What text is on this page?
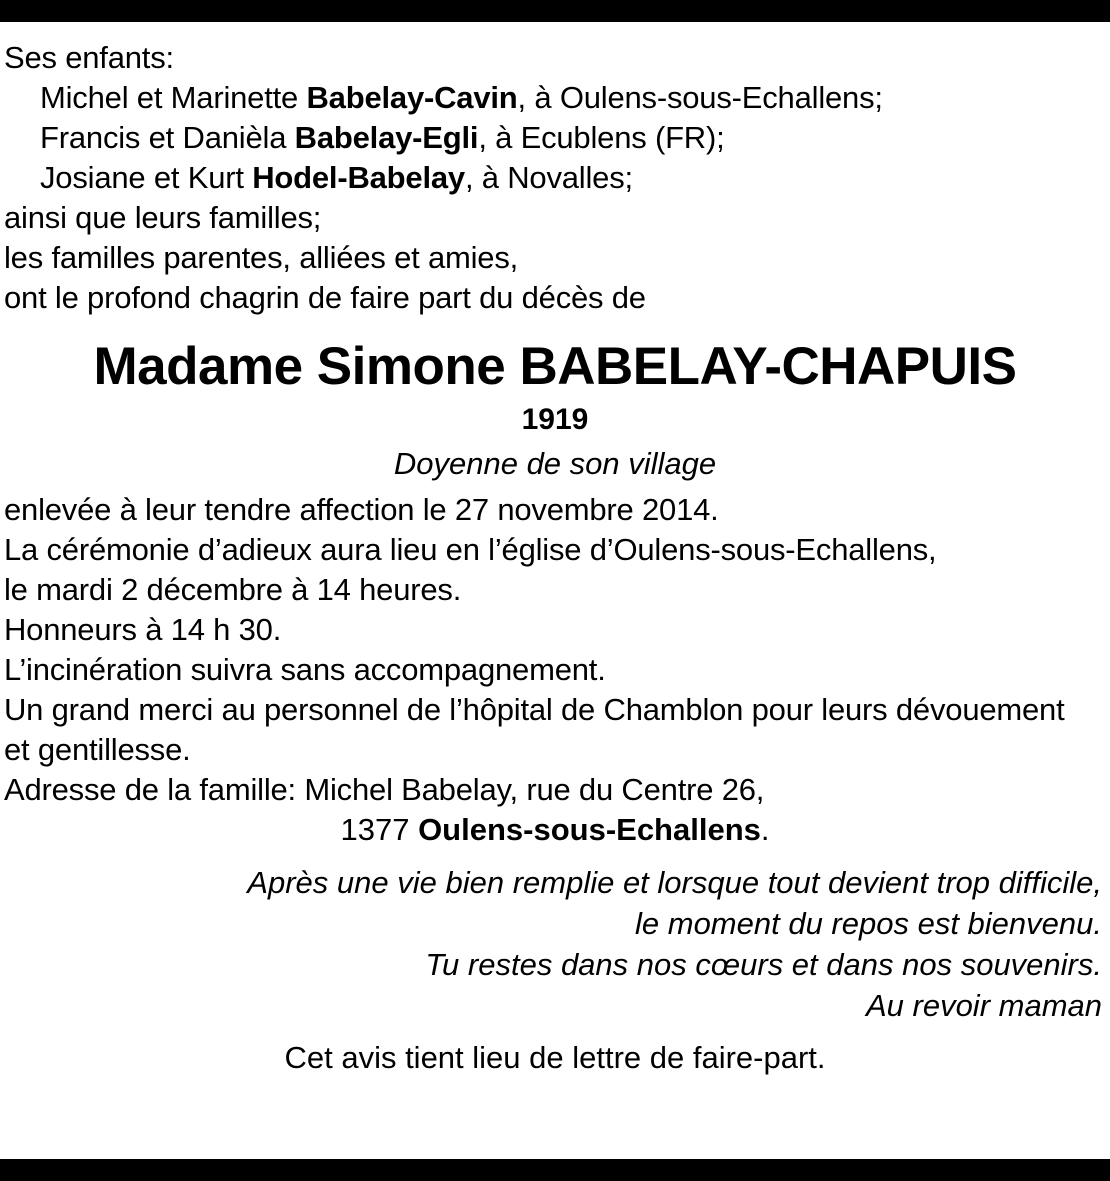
Ses enfants:
Michel et Marinette Babelay-Cavin, à Oulens-sous-Echallens;
Francis et Danièla Babelay-Egli, à Ecublens (FR);
Josiane et Kurt Hodel-Babelay, à Novalles;
ainsi que leurs familles;
les familles parentes, alliées et amies,
ont le profond chagrin de faire part du décès de
Madame Simone BABELAY-CHAPUIS
1919
Doyenne de son village
enlevée à leur tendre affection le 27 novembre 2014.
La cérémonie d’adieux aura lieu en l’église d’Oulens-sous-Echallens,
le mardi 2 décembre à 14 heures.
Honneurs à 14 h 30.
L’incinération suivra sans accompagnement.
Un grand merci au personnel de l’hôpital de Chamblon pour leurs dévouement
et gentillesse.
Adresse de la famille: Michel Babelay, rue du Centre 26,
1377 Oulens-sous-Echallens.
Après une vie bien remplie et lorsque tout devient trop difficile,
le moment du repos est bienvenu.
Tu restes dans nos cœurs et dans nos souvenirs.
Au revoir maman
Cet avis tient lieu de lettre de faire-part.
